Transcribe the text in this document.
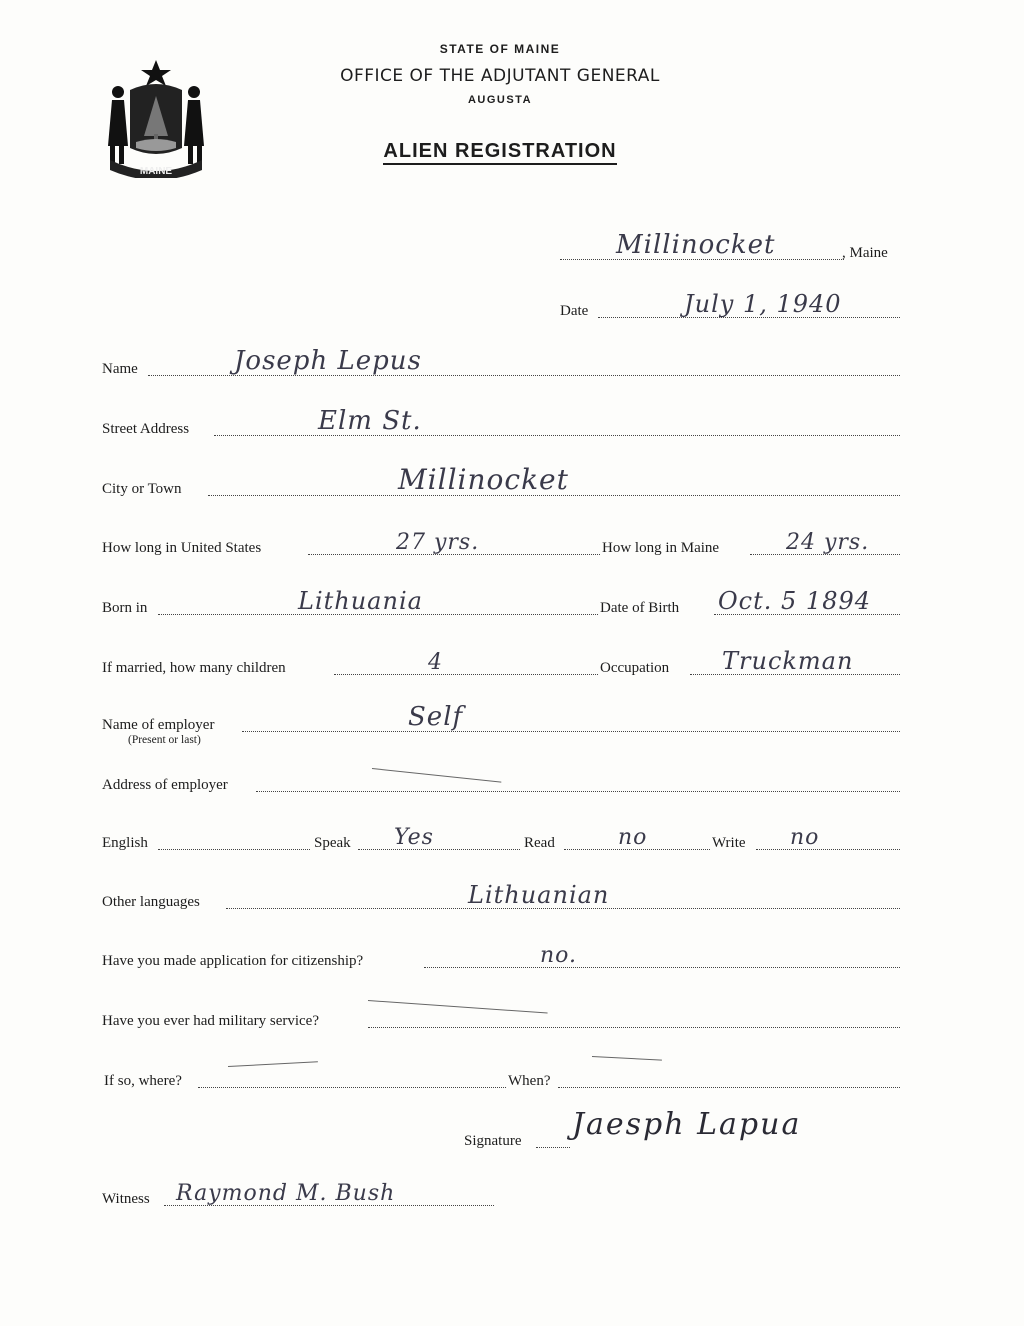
MAINE
STATE OF MAINE
OFFICE OF THE ADJUTANT GENERAL
AUGUSTA
ALIEN REGISTRATION
Millinocket	, Maine
Date	July 1, 1940
Name	Joseph Lepus
Street Address	Elm St.
City or Town	Millinocket
How long in United States	27 yrs.	How long in Maine	24 yrs.
Born in	Lithuania	Date of Birth Oct. 5 1894
If married, how many children	4	Occupation Truckman
Name of employer	Self
(Present or last)
Address of employer
English	Speak Yes	Read	no	Write no
Other languages	Lithuanian
Have you made application for citizenship?	no.
Have you ever had military service?
If so, where?	When?
Signature Jaesph Lapua
Witness Raymond M. Bush
